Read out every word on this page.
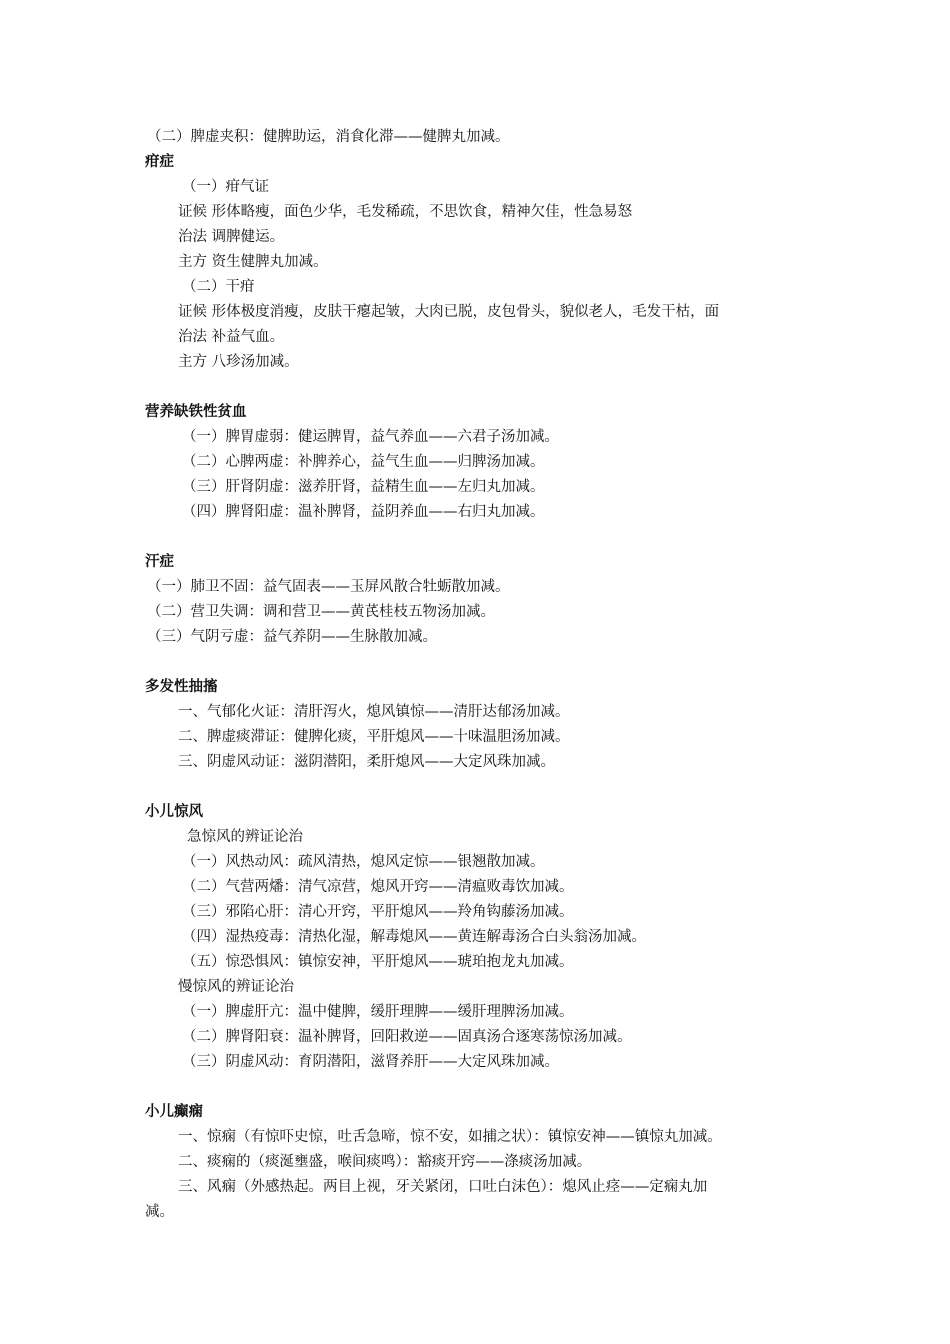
（二）脾虚夹积：健脾助运，消食化滞——健脾丸加减。
疳症
（一）疳气证
证候 形体略瘦，面色少华，毛发稀疏，不思饮食，精神欠佳，性急易怒
治法 调脾健运。
主方 资生健脾丸加减。
（二）干疳
证候 形体极度消瘦，皮肤干瘪起皱，大肉已脱，皮包骨头，貌似老人，毛发干枯，面
治法 补益气血。
主方 八珍汤加减。
营养缺铁性贫血
（一）脾胃虚弱：健运脾胃，益气养血——六君子汤加减。
（二）心脾两虚：补脾养心，益气生血——归脾汤加减。
（三）肝肾阴虚：滋养肝肾，益精生血——左归丸加减。
（四）脾肾阳虚：温补脾肾，益阴养血——右归丸加减。
汗症
（一）肺卫不固：益气固表——玉屏风散合牡蛎散加减。
（二）营卫失调：调和营卫——黄芪桂枝五物汤加减。
（三）气阴亏虚：益气养阴——生脉散加减。
多发性抽搐
一、气郁化火证：清肝泻火，熄风镇惊——清肝达郁汤加减。
二、脾虚痰滞证：健脾化痰，平肝熄风——十味温胆汤加减。
三、阴虚风动证：滋阴潜阳，柔肝熄风——大定风珠加减。
小儿惊风
急惊风的辨证论治
（一）风热动风：疏风清热，熄风定惊——银翘散加减。
（二）气营两燔：清气凉营，熄风开窍——清瘟败毒饮加减。
（三）邪陷心肝：清心开窍，平肝熄风——羚角钩藤汤加减。
（四）湿热疫毒：清热化湿，解毒熄风——黄连解毒汤合白头翁汤加减。
（五）惊恐惧风：镇惊安神，平肝熄风——琥珀抱龙丸加减。
慢惊风的辨证论治
（一）脾虚肝亢：温中健脾，缓肝理脾——缓肝理脾汤加减。
（二）脾肾阳衰：温补脾肾，回阳救逆——固真汤合逐寒荡惊汤加减。
（三）阴虚风动：育阴潜阳，滋肾养肝——大定风珠加减。
小儿癫痫
一、惊痫（有惊吓史惊，吐舌急啼，惊不安，如捕之状）：镇惊安神——镇惊丸加减。
二、痰痫的（痰涎壅盛，喉间痰鸣）：豁痰开窍——涤痰汤加减。
三、风痫（外感热起。两目上视，牙关紧闭，口吐白沫色）：熄风止痉——定痫丸加
减。
